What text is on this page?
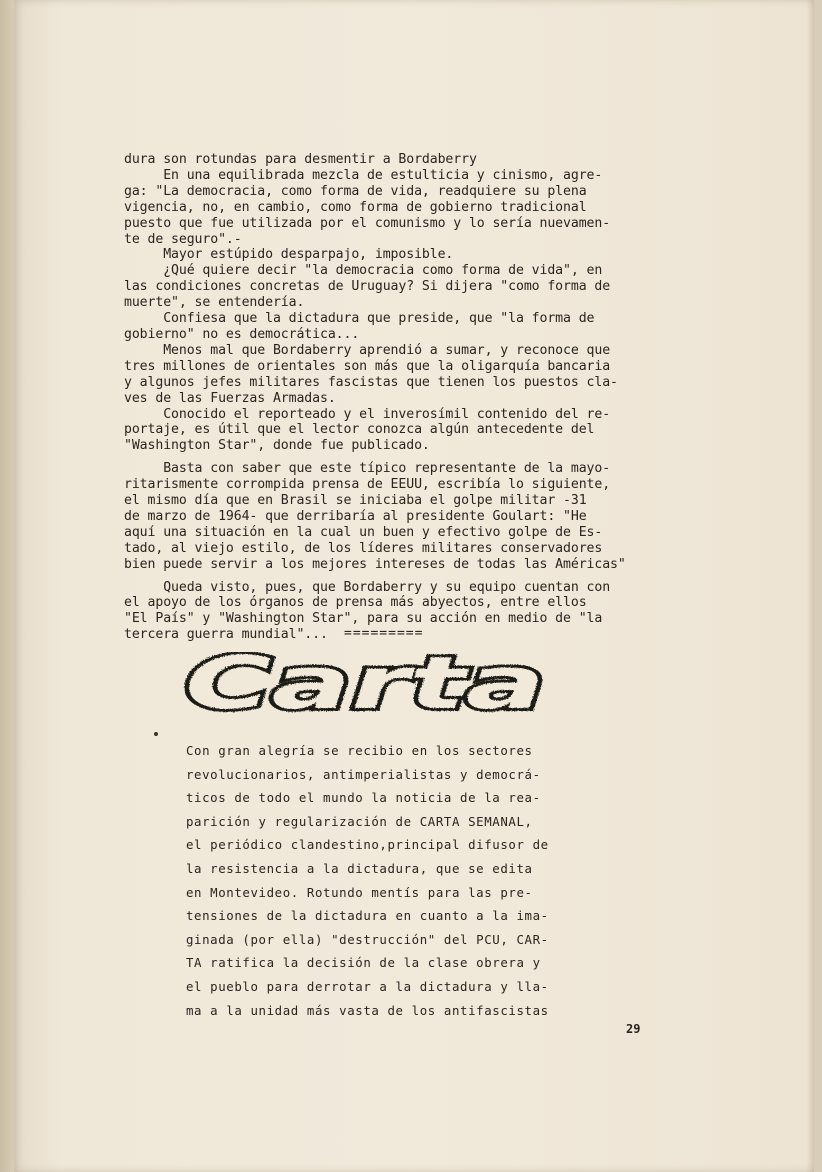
dura son rotundas para desmentir a Bordaberry

En una equilibrada mezcla de estulticia y cinismo, agre-

ga: "La democracia, como forma de vida, readquiere su plena

vigencia, no, en cambio, como forma de gobierno tradicional

puesto que fue utilizada por el comunismo y lo sería nuevamen-

te de seguro".-

Mayor estúpido desparpajo, imposible.

¿Qué quiere decir "la democracia como forma de vida", en

las condiciones concretas de Uruguay? Si dijera "como forma de

muerte", se entendería.

Confiesa que la dictadura que preside, que "la forma de

gobierno" no es democrática...

Menos mal que Bordaberry aprendió a sumar, y reconoce que

tres millones de orientales son más que la oligarquía bancaria

y algunos jefes militares fascistas que tienen los puestos cla-

ves de las Fuerzas Armadas.

Conocido el reporteado y el inverosímil contenido del re-

portaje, es útil que el lector conozca algún antecedente del

"Washington Star", donde fue publicado.

Basta con saber que este típico representante de la mayo-

ritarismente corrompida prensa de EEUU, escribía lo siguiente,

el mismo día que en Brasil se iniciaba el golpe militar -31

de marzo de 1964- que derribaría al presidente Goulart: "He

aquí una situación en la cual un buen y efectivo golpe de Es-

tado, al viejo estilo, de los líderes militares conservadores

bien puede servir a los mejores intereses de todas las Américas"

Queda visto, pues, que Bordaberry y su equipo cuentan con

el apoyo de los órganos de prensa más abyectos, entre ellos

"El País" y "Washington Star", para su acción en medio de "la

tercera guerra mundial"...	=========
Carta

Con gran alegría se recibio en los sectores

revolucionarios, antimperialistas y democrá-

ticos de todo el mundo la noticia de la rea-

parición y regularización de CARTA SEMANAL,

el periódico clandestino,principal difusor de

la resistencia a la dictadura, que se edita

en Montevideo. Rotundo mentís para las pre-

tensiones de la dictadura en cuanto a la ima-

ginada (por ella) "destrucción" del PCU, CAR-

TA ratifica la decisión de la clase obrera y

el pueblo para derrotar a la dictadura y lla-

ma a la unidad más vasta de los antifascistas

29
